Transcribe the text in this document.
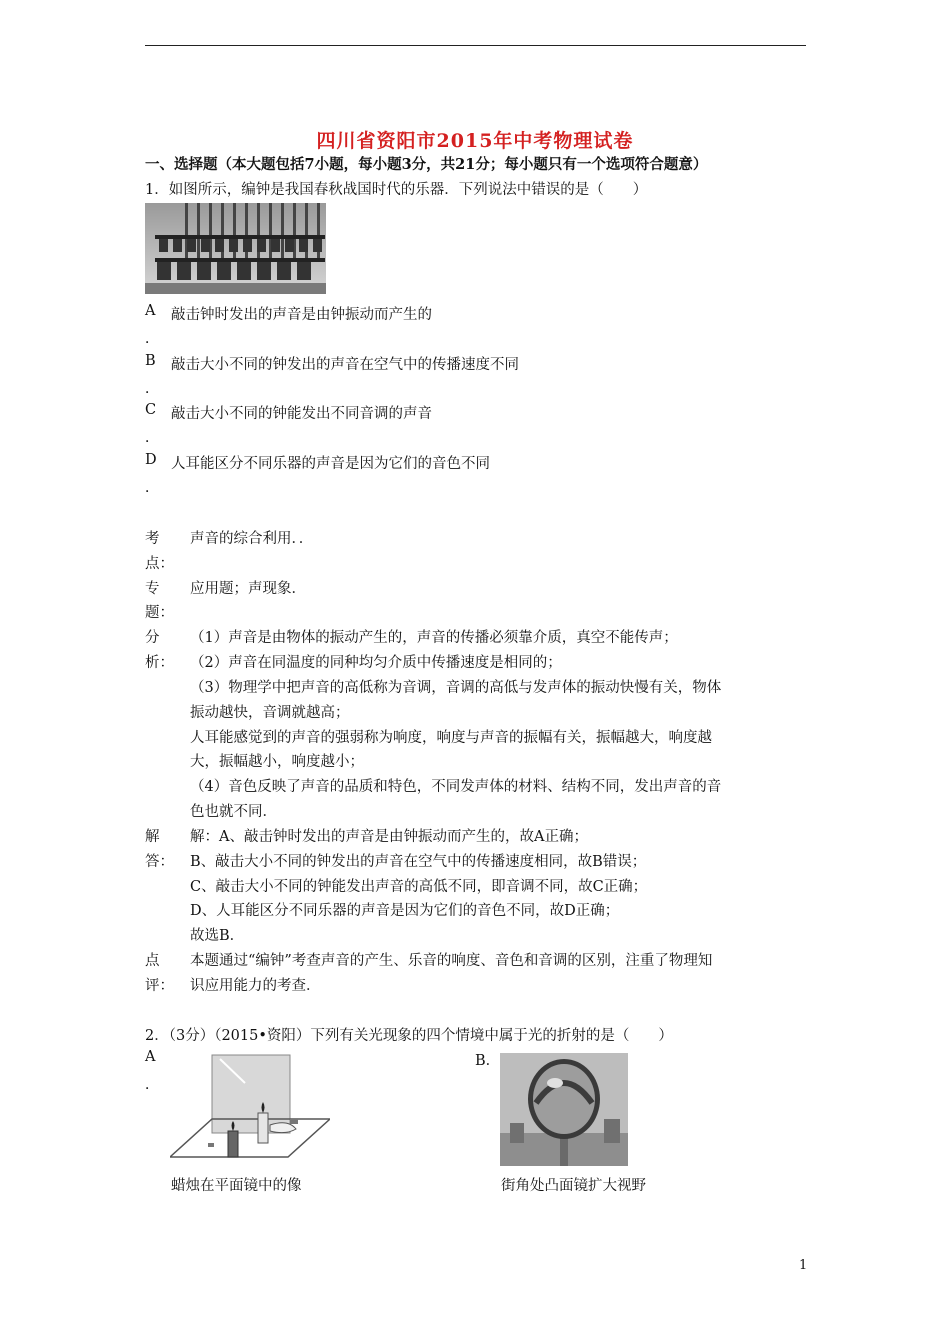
四川省资阳市2015年中考物理试卷
一、选择题（本大题包括7小题，每小题3分，共21分；每小题只有一个选项符合题意）
1．如图所示，编钟是我国春秋战国时代的乐器．下列说法中错误的是（　　）
A 敲击钟时发出的声音是由钟振动而产生的
．
B 敲击大小不同的钟发出的声音在空气中的传播速度不同
．
C 敲击大小不同的钟能发出不同音调的声音
．
D 人耳能区分不同乐器的声音是因为它们的音色不同
．
考
点：
声音的综合利用．．
专
题：
应用题；声现象．
分
析：
（1）声音是由物体的振动产生的，声音的传播必须靠介质，真空不能传声；
（2）声音在同温度的同种均匀介质中传播速度是相同的；
（3）物理学中把声音的高低称为音调，音调的高低与发声体的振动快慢有关，物体
振动越快，音调就越高；
人耳能感觉到的声音的强弱称为响度，响度与声音的振幅有关，振幅越大，响度越
大，振幅越小，响度越小；
（4）音色反映了声音的品质和特色，不同发声体的材料、结构不同，发出声音的音
色也就不同．
解
答：
解：A、敲击钟时发出的声音是由钟振动而产生的，故A正确；
B、敲击大小不同的钟发出的声音在空气中的传播速度相同，故B错误；
C、敲击大小不同的钟能发出声音的高低不同，即音调不同，故C正确；
D、人耳能区分不同乐器的声音是因为它们的音色不同，故D正确；
故选B．
点
评：
本题通过“编钟”考查声音的产生、乐音的响度、音色和音调的区别，注重了物理知
识应用能力的考查．
2．（3分）（2015•资阳）下列有关光现象的四个情境中属于光的折射的是（　　）
A
．
B．
蜡烛在平面镜中的像	街角处凸面镜扩大视野
1
